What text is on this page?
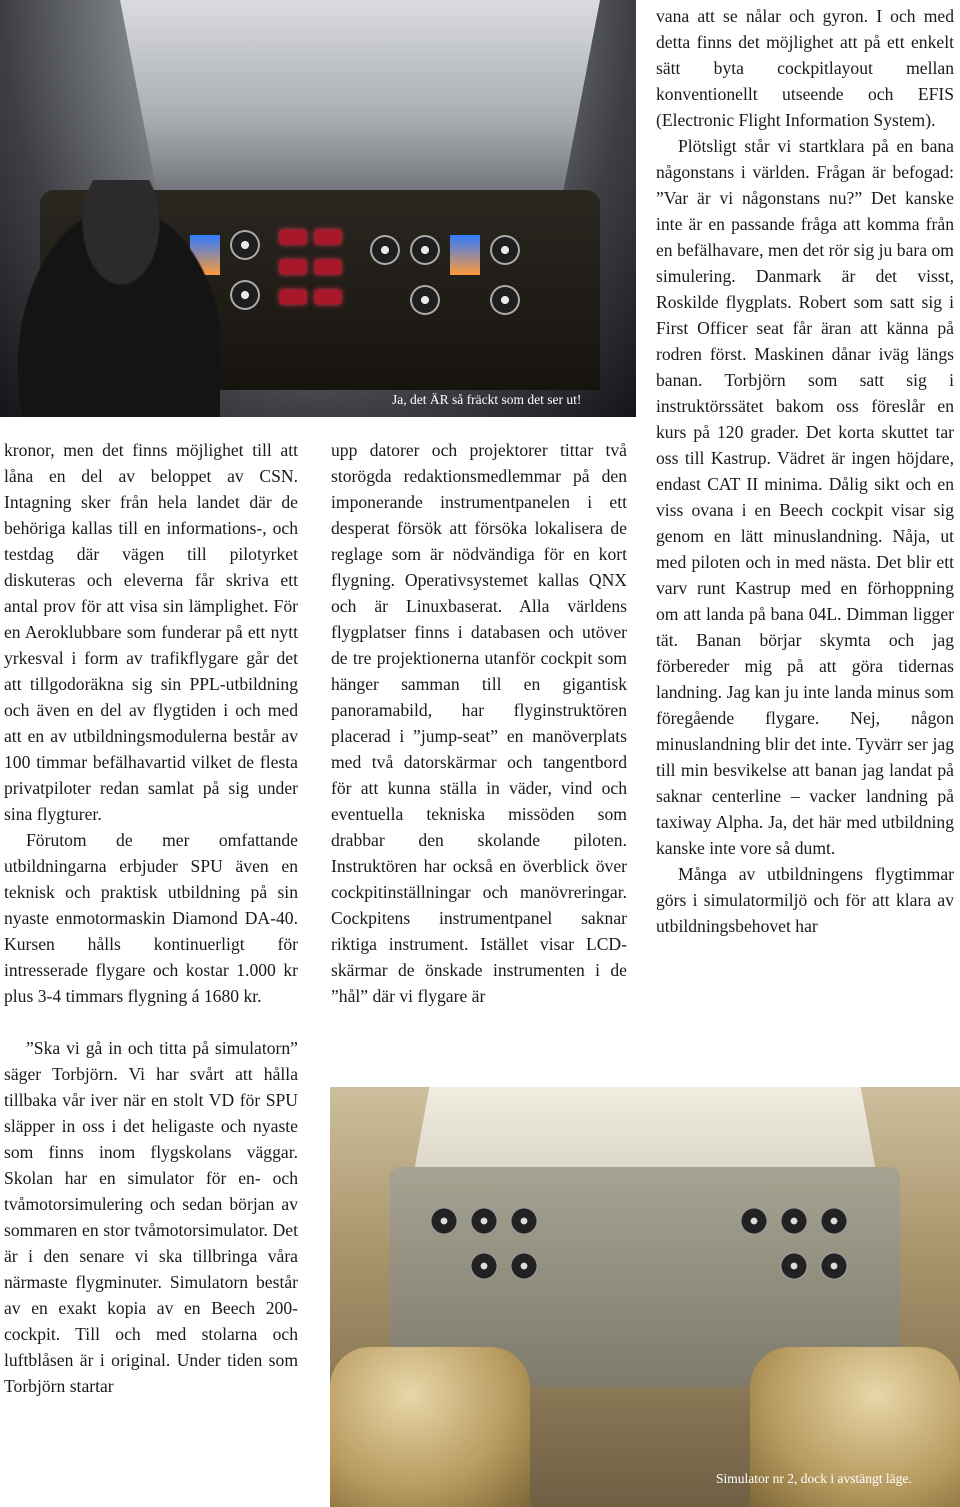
Ja, det ÄR så fräckt som det ser ut!

vana att se nålar och gyron. I och med detta finns det möjlighet att på ett enkelt sätt byta cockpitlayout mellan konventionellt utseende och EFIS (Electronic Flight Information System).

Plötsligt står vi startklara på en bana någonstans i världen. Frågan är befogad: ”Var är vi någonstans nu?” Det kanske inte är en passande fråga att komma från en befälhavare, men det rör sig ju bara om simulering. Danmark är det visst, Roskilde flygplats. Robert som satt sig i First Officer seat får äran att känna på rodren först. Maskinen dånar iväg längs banan. Torbjörn som satt sig i instruktörssätet bakom oss föreslår en kurs på 120 grader. Det korta skuttet tar oss till Kastrup. Vädret är ingen höjdare, endast CAT II minima. Dålig sikt och en viss ovana i en Beech cockpit visar sig genom en lätt minuslandning. Nåja, ut med piloten och in med nästa. Det blir ett varv runt Kastrup med en förhoppning om att landa på bana 04L. Dimman ligger tät. Banan börjar skymta och jag förbereder mig på att göra tidernas landning. Jag kan ju inte landa minus som föregående flygare. Nej, någon minuslandning blir det inte. Tyvärr ser jag till min besvikelse att banan jag landat på saknar centerline – vacker landning på taxiway Alpha. Ja, det här med utbildning kanske inte vore så dumt.

Många av utbildningens flygtimmar görs i simulatormiljö och för att klara av utbildningsbehovet har

kronor, men det finns möjlighet till att låna en del av beloppet av CSN. Intagning sker från hela landet där de behöriga kallas till en informations-, och testdag där vägen till pilotyrket diskuteras och eleverna får skriva ett antal prov för att visa sin lämplighet. För en Aeroklubbare som funderar på ett nytt yrkesval i form av trafikflygare går det att tillgodoräkna sig sin PPL-utbildning och även en del av flygtiden i och med att en av utbildningsmodulerna består av 100 timmar befälhavartid vilket de flesta privatpiloter redan samlat på sig under sina flygturer.

Förutom de mer omfattande utbildningarna erbjuder SPU även en teknisk och praktisk utbildning på sin nyaste enmotormaskin Diamond DA-40. Kursen hålls kontinuerligt för intresserade flygare och kostar 1.000 kr plus 3-4 timmars flygning á 1680 kr.

”Ska vi gå in och titta på simulatorn” säger Torbjörn. Vi har svårt att hålla tillbaka vår iver när en stolt VD för SPU släpper in oss i det heligaste och nyaste som finns inom flygskolans väggar. Skolan har en simulator för en- och tvåmotorsimulering och sedan början av sommaren en stor tvåmotorsimulator. Det är i den senare vi ska tillbringa våra närmaste flygminuter. Simulatorn består av en exakt kopia av en Beech 200-cockpit. Till och med stolarna och luftblåsen är i original. Under tiden som Torbjörn startar

upp datorer och projektorer tittar två storögda redaktionsmedlemmar på den imponerande instrumentpanelen i ett desperat försök att försöka lokalisera de reglage som är nödvändiga för en kort flygning. Operativsystemet kallas QNX och är Linuxbaserat. Alla världens flygplatser finns i databasen och utöver de tre projektionerna utanför cockpit som hänger samman till en gigantisk panoramabild, har flyginstruktören placerad i ”jump-seat” en manöverplats med två datorskärmar och tangentbord för att kunna ställa in väder, vind och eventuella tekniska missöden som drabbar den skolande piloten. Instruktören har också en överblick över cockpitinställningar och manövreringar. Cockpitens instrumentpanel saknar riktiga instrument. Istället visar LCD-skärmar de önskade instrumenten i de ”hål” där vi flygare är

Simulator nr 2, dock i avstängt läge.
